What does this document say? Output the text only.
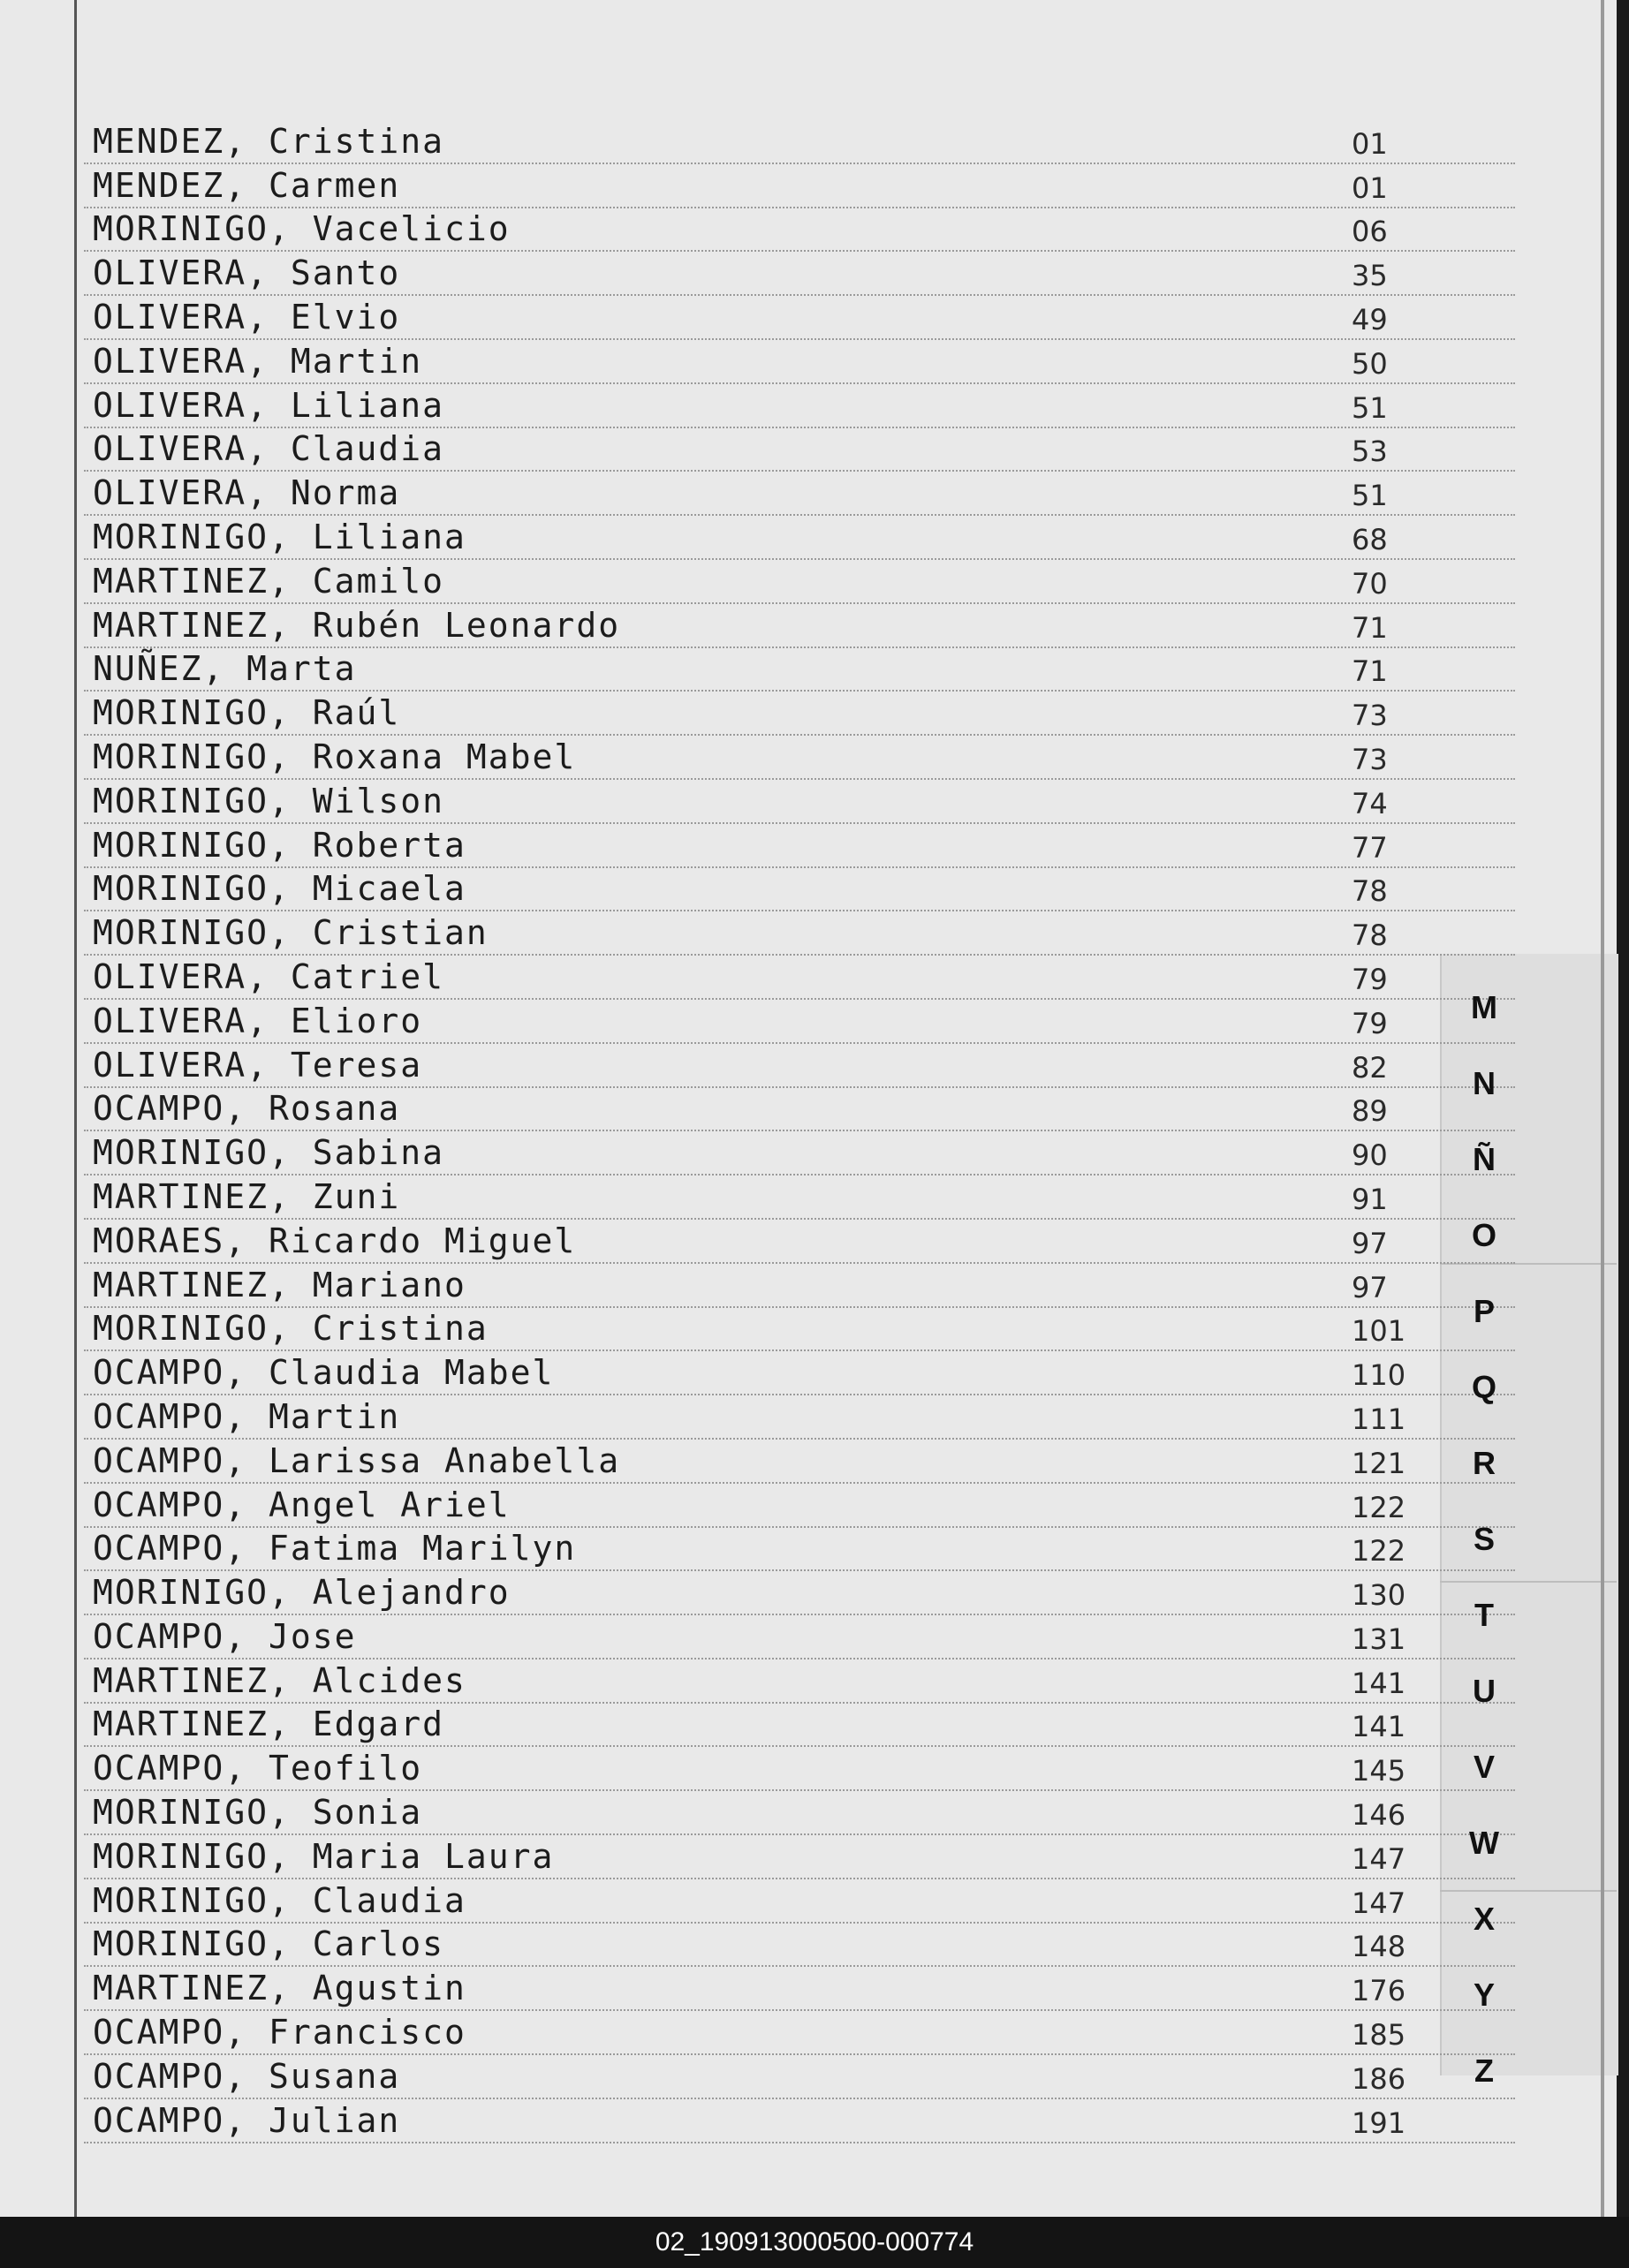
MENDEZ, Cristina	01
MENDEZ, Carmen	01
MORINIGO, Vacelicio	06
OLIVERA, Santo	35
OLIVERA, Elvio	49
OLIVERA, Martin	50
OLIVERA, Liliana	51
OLIVERA, Claudia	53
OLIVERA, Norma	51
MORINIGO, Liliana	68
MARTINEZ, Camilo	70
MARTINEZ, Rubén Leonardo	71
NUÑEZ, Marta	71
MORINIGO, Raúl	73
MORINIGO, Roxana Mabel	73
MORINIGO, Wilson	74
MORINIGO, Roberta	77
MORINIGO, Micaela	78
MORINIGO, Cristian	78
OLIVERA, Catriel	79
OLIVERA, Elioro	79
OLIVERA, Teresa	82
OCAMPO, Rosana	89
MORINIGO, Sabina	90
MARTINEZ, Zuni	91
MORAES, Ricardo Miguel	97
MARTINEZ, Mariano	97
MORINIGO, Cristina	101
OCAMPO, Claudia Mabel	110
OCAMPO, Martin	111
OCAMPO, Larissa Anabella	121
OCAMPO, Angel Ariel	122
OCAMPO, Fatima Marilyn	122
MORINIGO, Alejandro	130
OCAMPO, Jose	131
MARTINEZ, Alcides	141
MARTINEZ, Edgard	141
OCAMPO, Teofilo	145
MORINIGO, Sonia	146
MORINIGO, Maria Laura	147
MORINIGO, Claudia	147
MORINIGO, Carlos	148
MARTINEZ, Agustin	176
OCAMPO, Francisco	185
OCAMPO, Susana	186
OCAMPO, Julian	191
M
N
Ñ
O
P
Q
R
S
T
U
V
W
X
Y
Z
02_190913000500-000774
